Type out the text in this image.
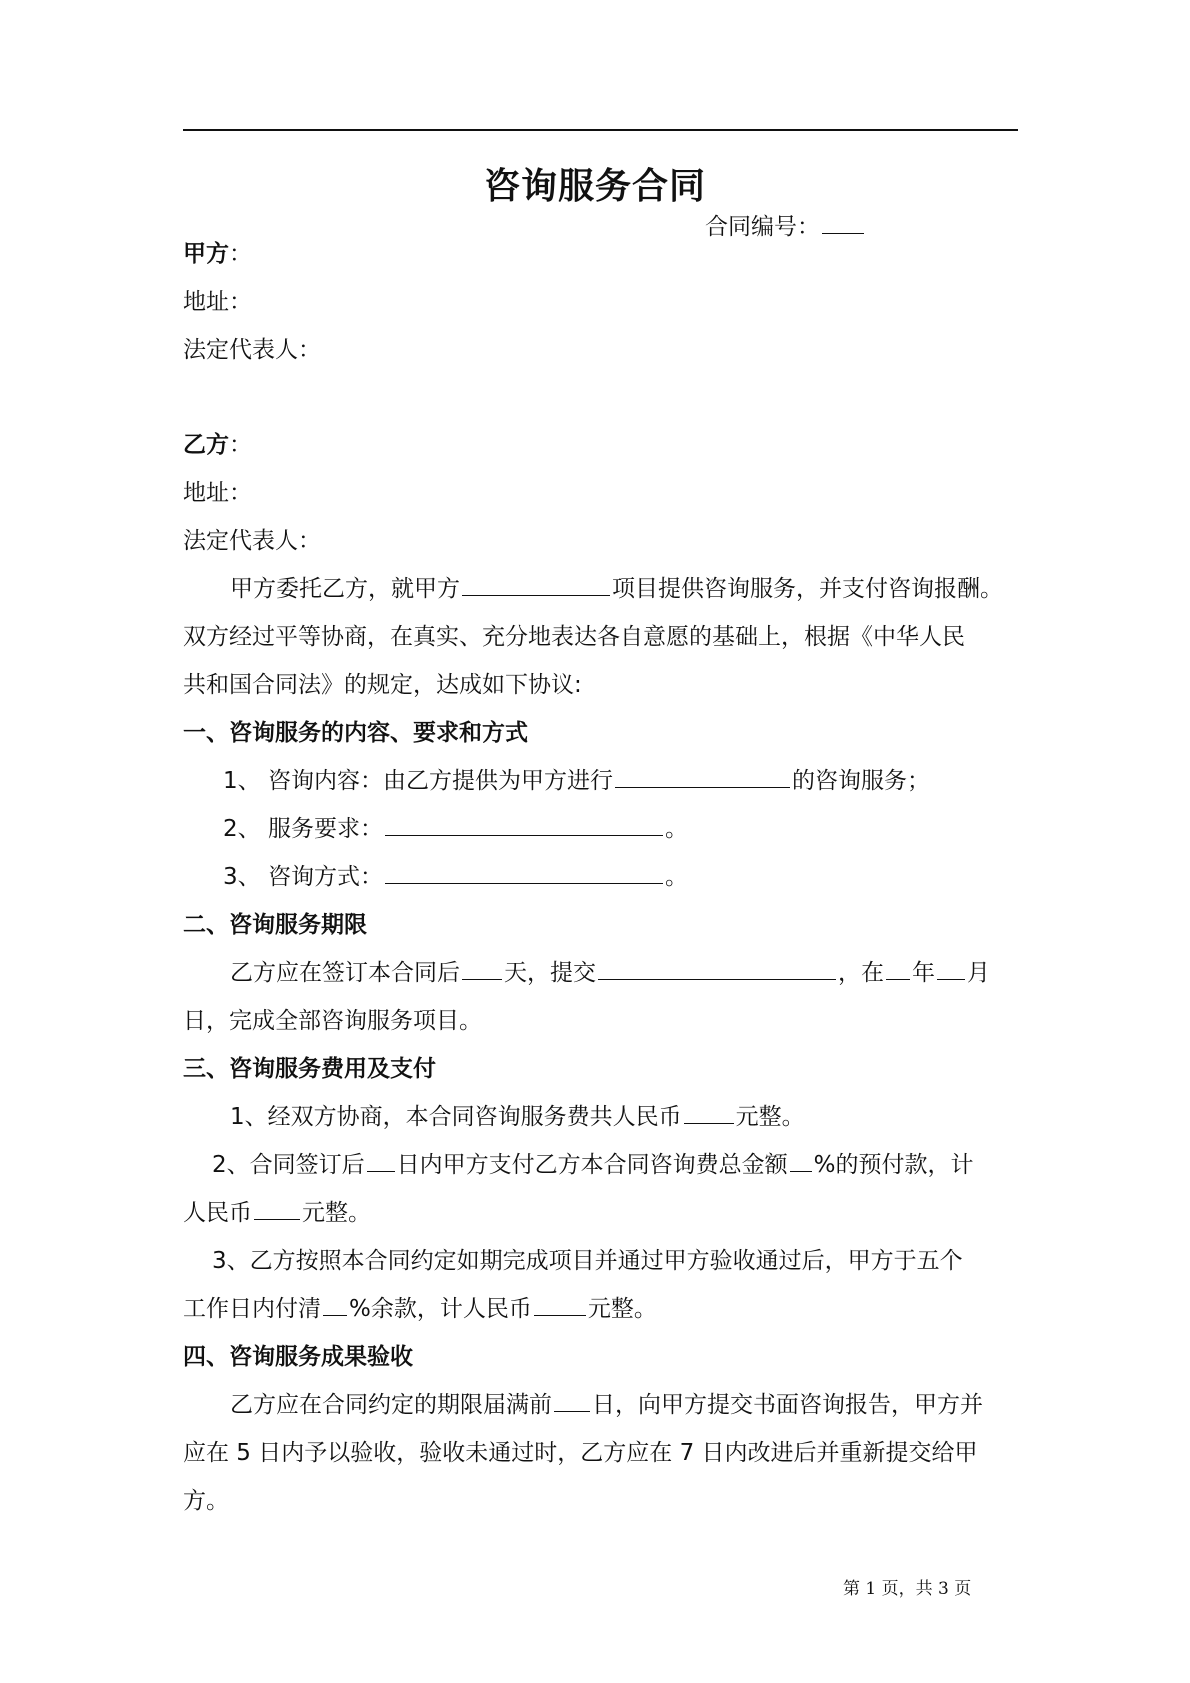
咨询服务合同
合同编号：
甲方：
地址：
法定代表人：
乙方：
地址：
法定代表人：
甲方委托乙方，就甲方	项目提供咨询服务，并支付咨询报酬。
双方经过平等协商，在真实、充分地表达各自意愿的基础上，根据《中华人民
共和国合同法》的规定，达成如下协议:
一、咨询服务的内容、要求和方式
1、 咨询内容：由乙方提供为甲方进行	的咨询服务；
2、 服务要求：	。
3、 咨询方式：	。
二、咨询服务期限
乙方应在签订本合同后 天，提交	，在 年 月
日，完成全部咨询服务项目。
三、咨询服务费用及支付
1、经双方协商，本合同咨询服务费共人民币 元整。
2、合同签订后 日内甲方支付乙方本合同咨询费总金额 %的预付款，计
人民币 元整。
3、乙方按照本合同约定如期完成项目并通过甲方验收通过后，甲方于五个
工作日内付清 %余款，计人民币 元整。
四、咨询服务成果验收
乙方应在合同约定的期限届满前 日，向甲方提交书面咨询报告，甲方并
应在 5 日内予以验收，验收未通过时，乙方应在 7 日内改进后并重新提交给甲
方。
第 1 页，共 3 页
